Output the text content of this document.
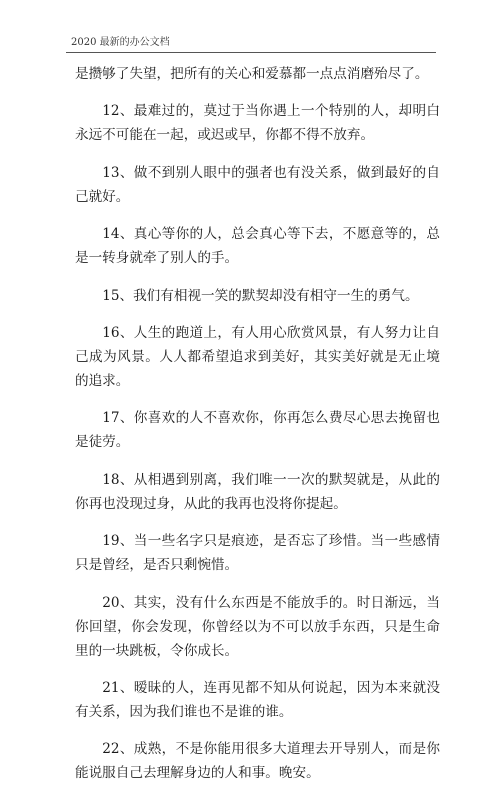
2020 最新的办公文档

是攒够了失望，把所有的关心和爱慕都一点点消磨殆尽了。

12、最难过的，莫过于当你遇上一个特别的人，却明白永远不可能在一起，或迟或早，你都不得不放弃。

13、做不到别人眼中的强者也有没关系，做到最好的自己就好。

14、真心等你的人，总会真心等下去，不愿意等的，总是一转身就牵了别人的手。

15、我们有相视一笑的默契却没有相守一生的勇气。

16、人生的跑道上，有人用心欣赏风景，有人努力让自己成为风景。人人都希望追求到美好，其实美好就是无止境的追求。

17、你喜欢的人不喜欢你，你再怎么费尽心思去挽留也是徒劳。

18、从相遇到别离，我们唯一一次的默契就是，从此的你再也没现过身，从此的我再也没将你提起。

19、当一些名字只是痕迹，是否忘了珍惜。当一些感情只是曾经，是否只剩惋惜。

20、其实，没有什么东西是不能放手的。时日渐远，当你回望，你会发现，你曾经以为不可以放手东西，只是生命里的一块跳板，令你成长。

21、暧昧的人，连再见都不知从何说起，因为本来就没有关系，因为我们谁也不是谁的谁。

22、成熟，不是你能用很多大道理去开导别人，而是你能说服自己去理解身边的人和事。晚安。
